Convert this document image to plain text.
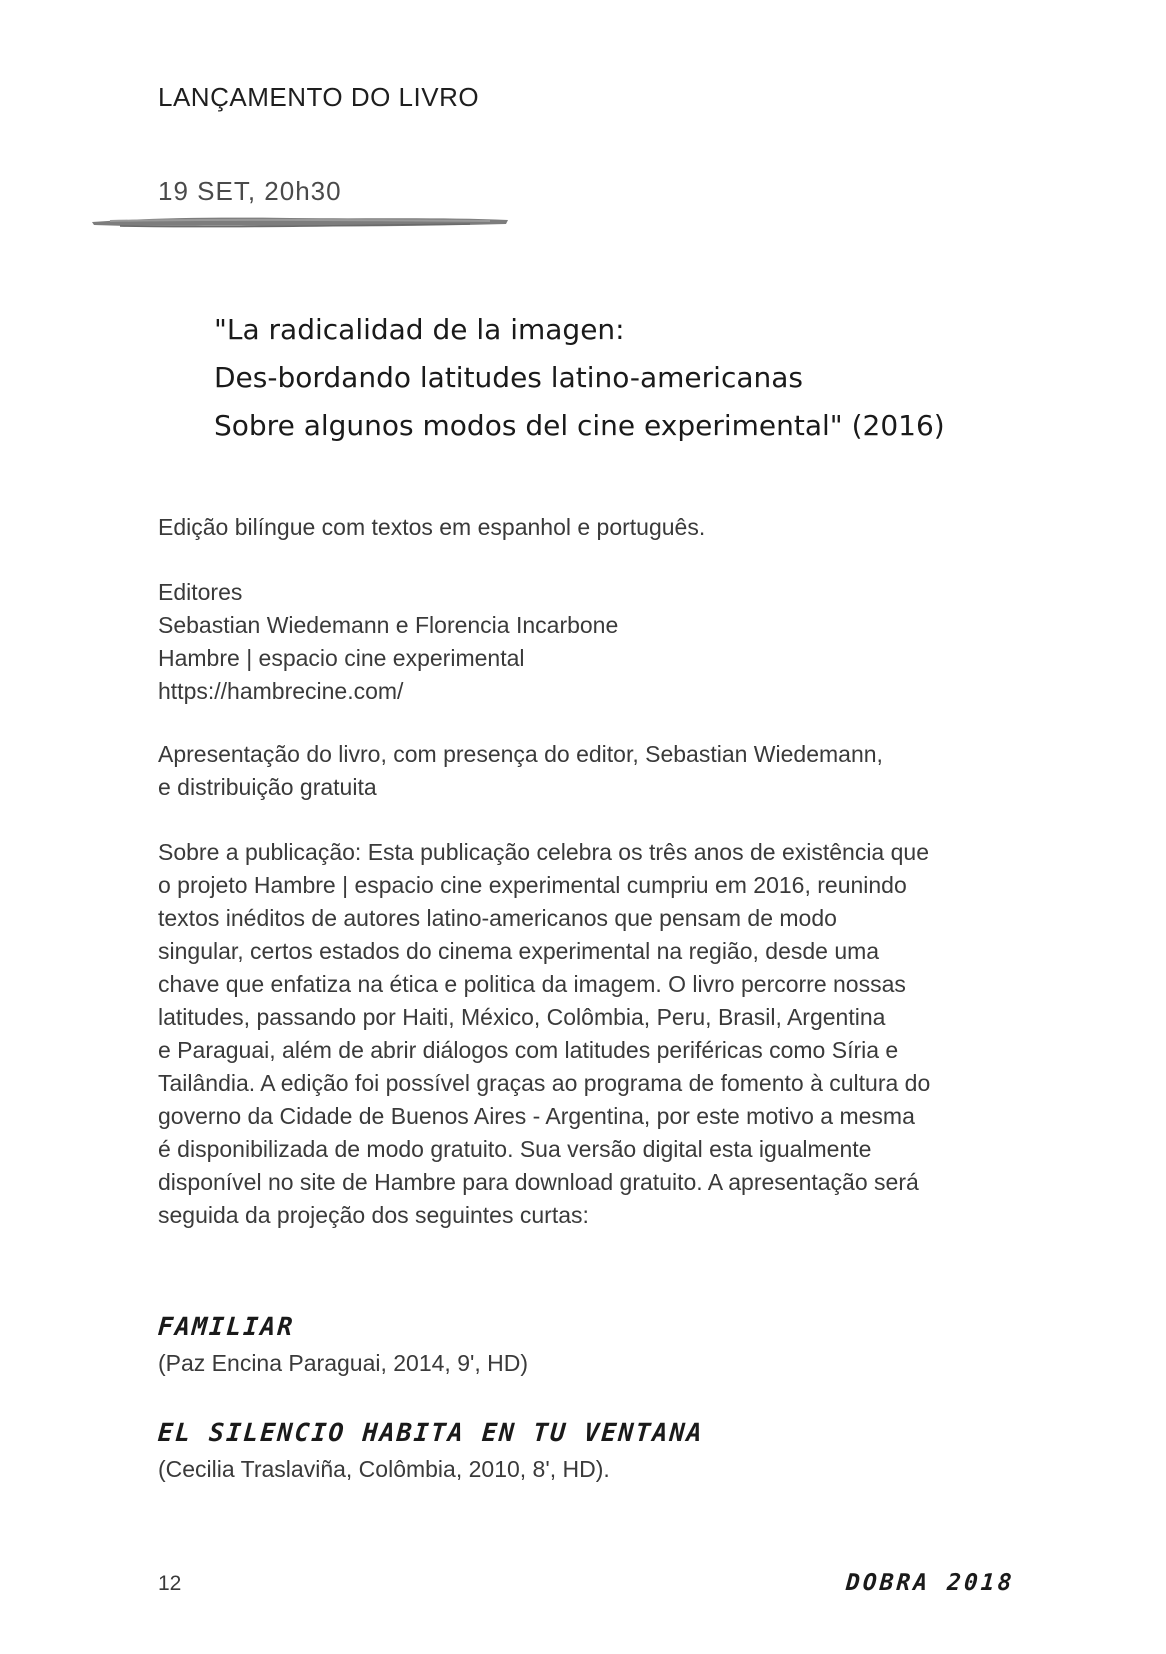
LANÇAMENTO DO LIVRO

19 SET, 20h30

"La radicalidad de la imagen:
Des-bordando latitudes latino-americanas
Sobre algunos modos del cine experimental" (2016)

Edição bilíngue com textos em espanhol e português.

Editores
Sebastian Wiedemann e Florencia Incarbone
Hambre | espacio cine experimental
https://hambrecine.com/
Apresentação do livro, com presença do editor, Sebastian Wiedemann,
e distribuição gratuita
Sobre a publicação: Esta publicação celebra os três anos de existência que
o projeto Hambre | espacio cine experimental cumpriu em 2016, reunindo
textos inéditos de autores latino-americanos que pensam de modo
singular, certos estados do cinema experimental na região, desde uma
chave que enfatiza na ética e politica da imagem. O livro percorre nossas
latitudes, passando por Haiti, México, Colômbia, Peru, Brasil, Argentina
e Paraguai, além de abrir diálogos com latitudes periféricas como Síria e
Tailândia. A edição foi possível graças ao programa de fomento à cultura do
governo da Cidade de Buenos Aires - Argentina, por este motivo a mesma
é disponibilizada de modo gratuito. Sua versão digital esta igualmente
disponível no site de Hambre para download gratuito. A apresentação será
seguida da projeção dos seguintes curtas:
FAMILIAR

(Paz Encina Paraguai, 2014, 9', HD)

EL SILENCIO HABITA EN TU VENTANA

(Cecilia Traslaviña, Colômbia, 2010, 8', HD).

12	DOBRA 2018
